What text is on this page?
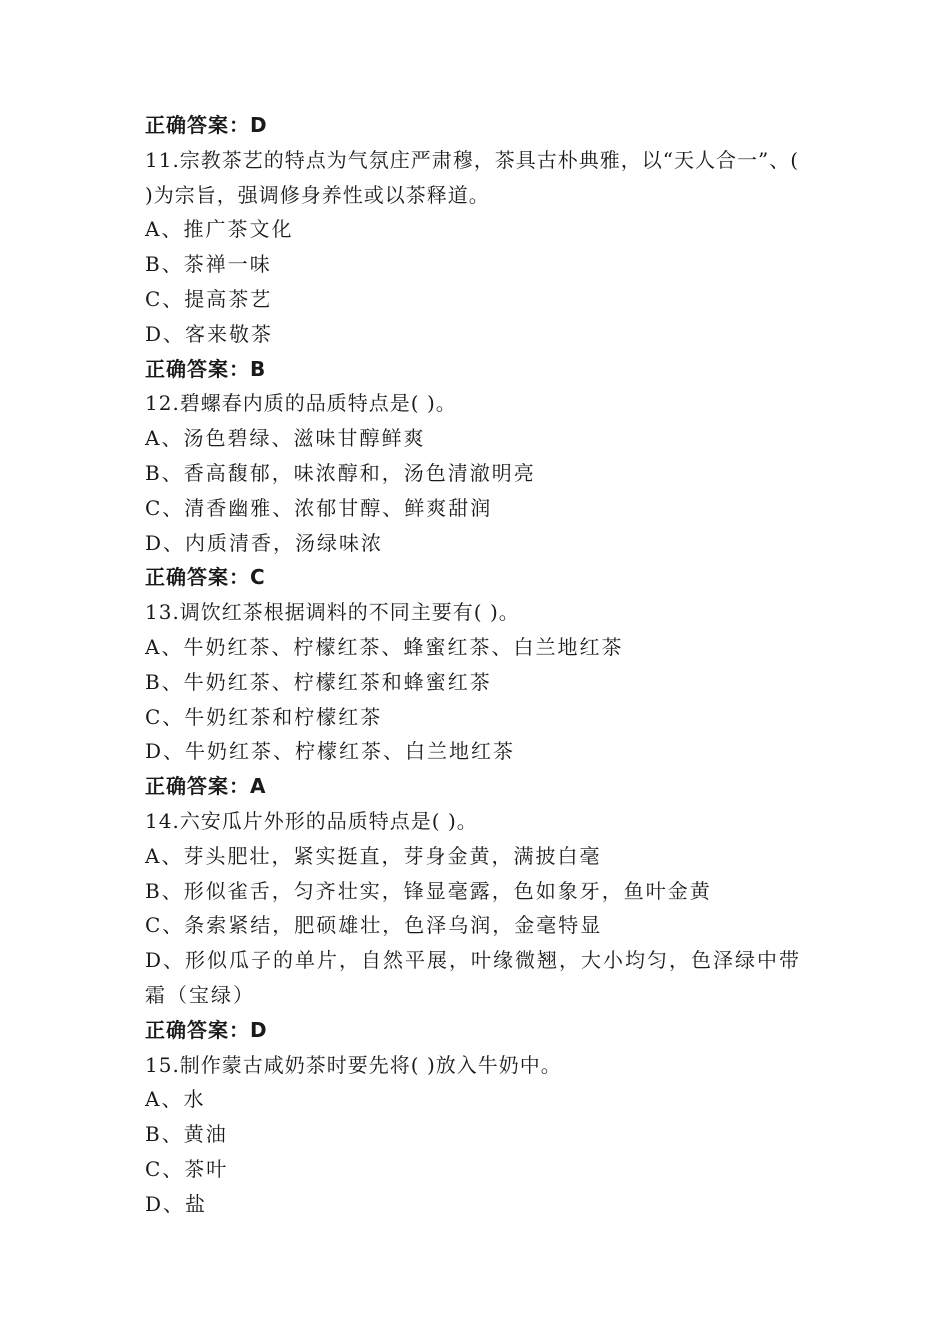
正确答案：D
11.宗教茶艺的特点为气氛庄严肃穆，茶具古朴典雅，以“天人合一”、( )为宗旨，强调修身养性或以茶释道。
A、推广茶文化
B、茶禅一味
C、提高茶艺
D、客来敬茶
正确答案：B
12.碧螺春内质的品质特点是( )。
A、汤色碧绿、滋味甘醇鲜爽
B、香高馥郁，味浓醇和，汤色清澈明亮
C、清香幽雅、浓郁甘醇、鲜爽甜润
D、内质清香，汤绿味浓
正确答案：C
13.调饮红茶根据调料的不同主要有( )。
A、牛奶红茶、柠檬红茶、蜂蜜红茶、白兰地红茶
B、牛奶红茶、柠檬红茶和蜂蜜红茶
C、牛奶红茶和柠檬红茶
D、牛奶红茶、柠檬红茶、白兰地红茶
正确答案：A
14.六安瓜片外形的品质特点是( )。
A、芽头肥壮，紧实挺直，芽身金黄，满披白毫
B、形似雀舌，匀齐壮实，锋显毫露，色如象牙，鱼叶金黄
C、条索紧结，肥硕雄壮，色泽乌润，金毫特显
D、形似瓜子的单片，自然平展，叶缘微翘，大小均匀，色泽绿中带霜（宝绿）
正确答案：D
15.制作蒙古咸奶茶时要先将( )放入牛奶中。
A、水
B、黄油
C、茶叶
D、盐
